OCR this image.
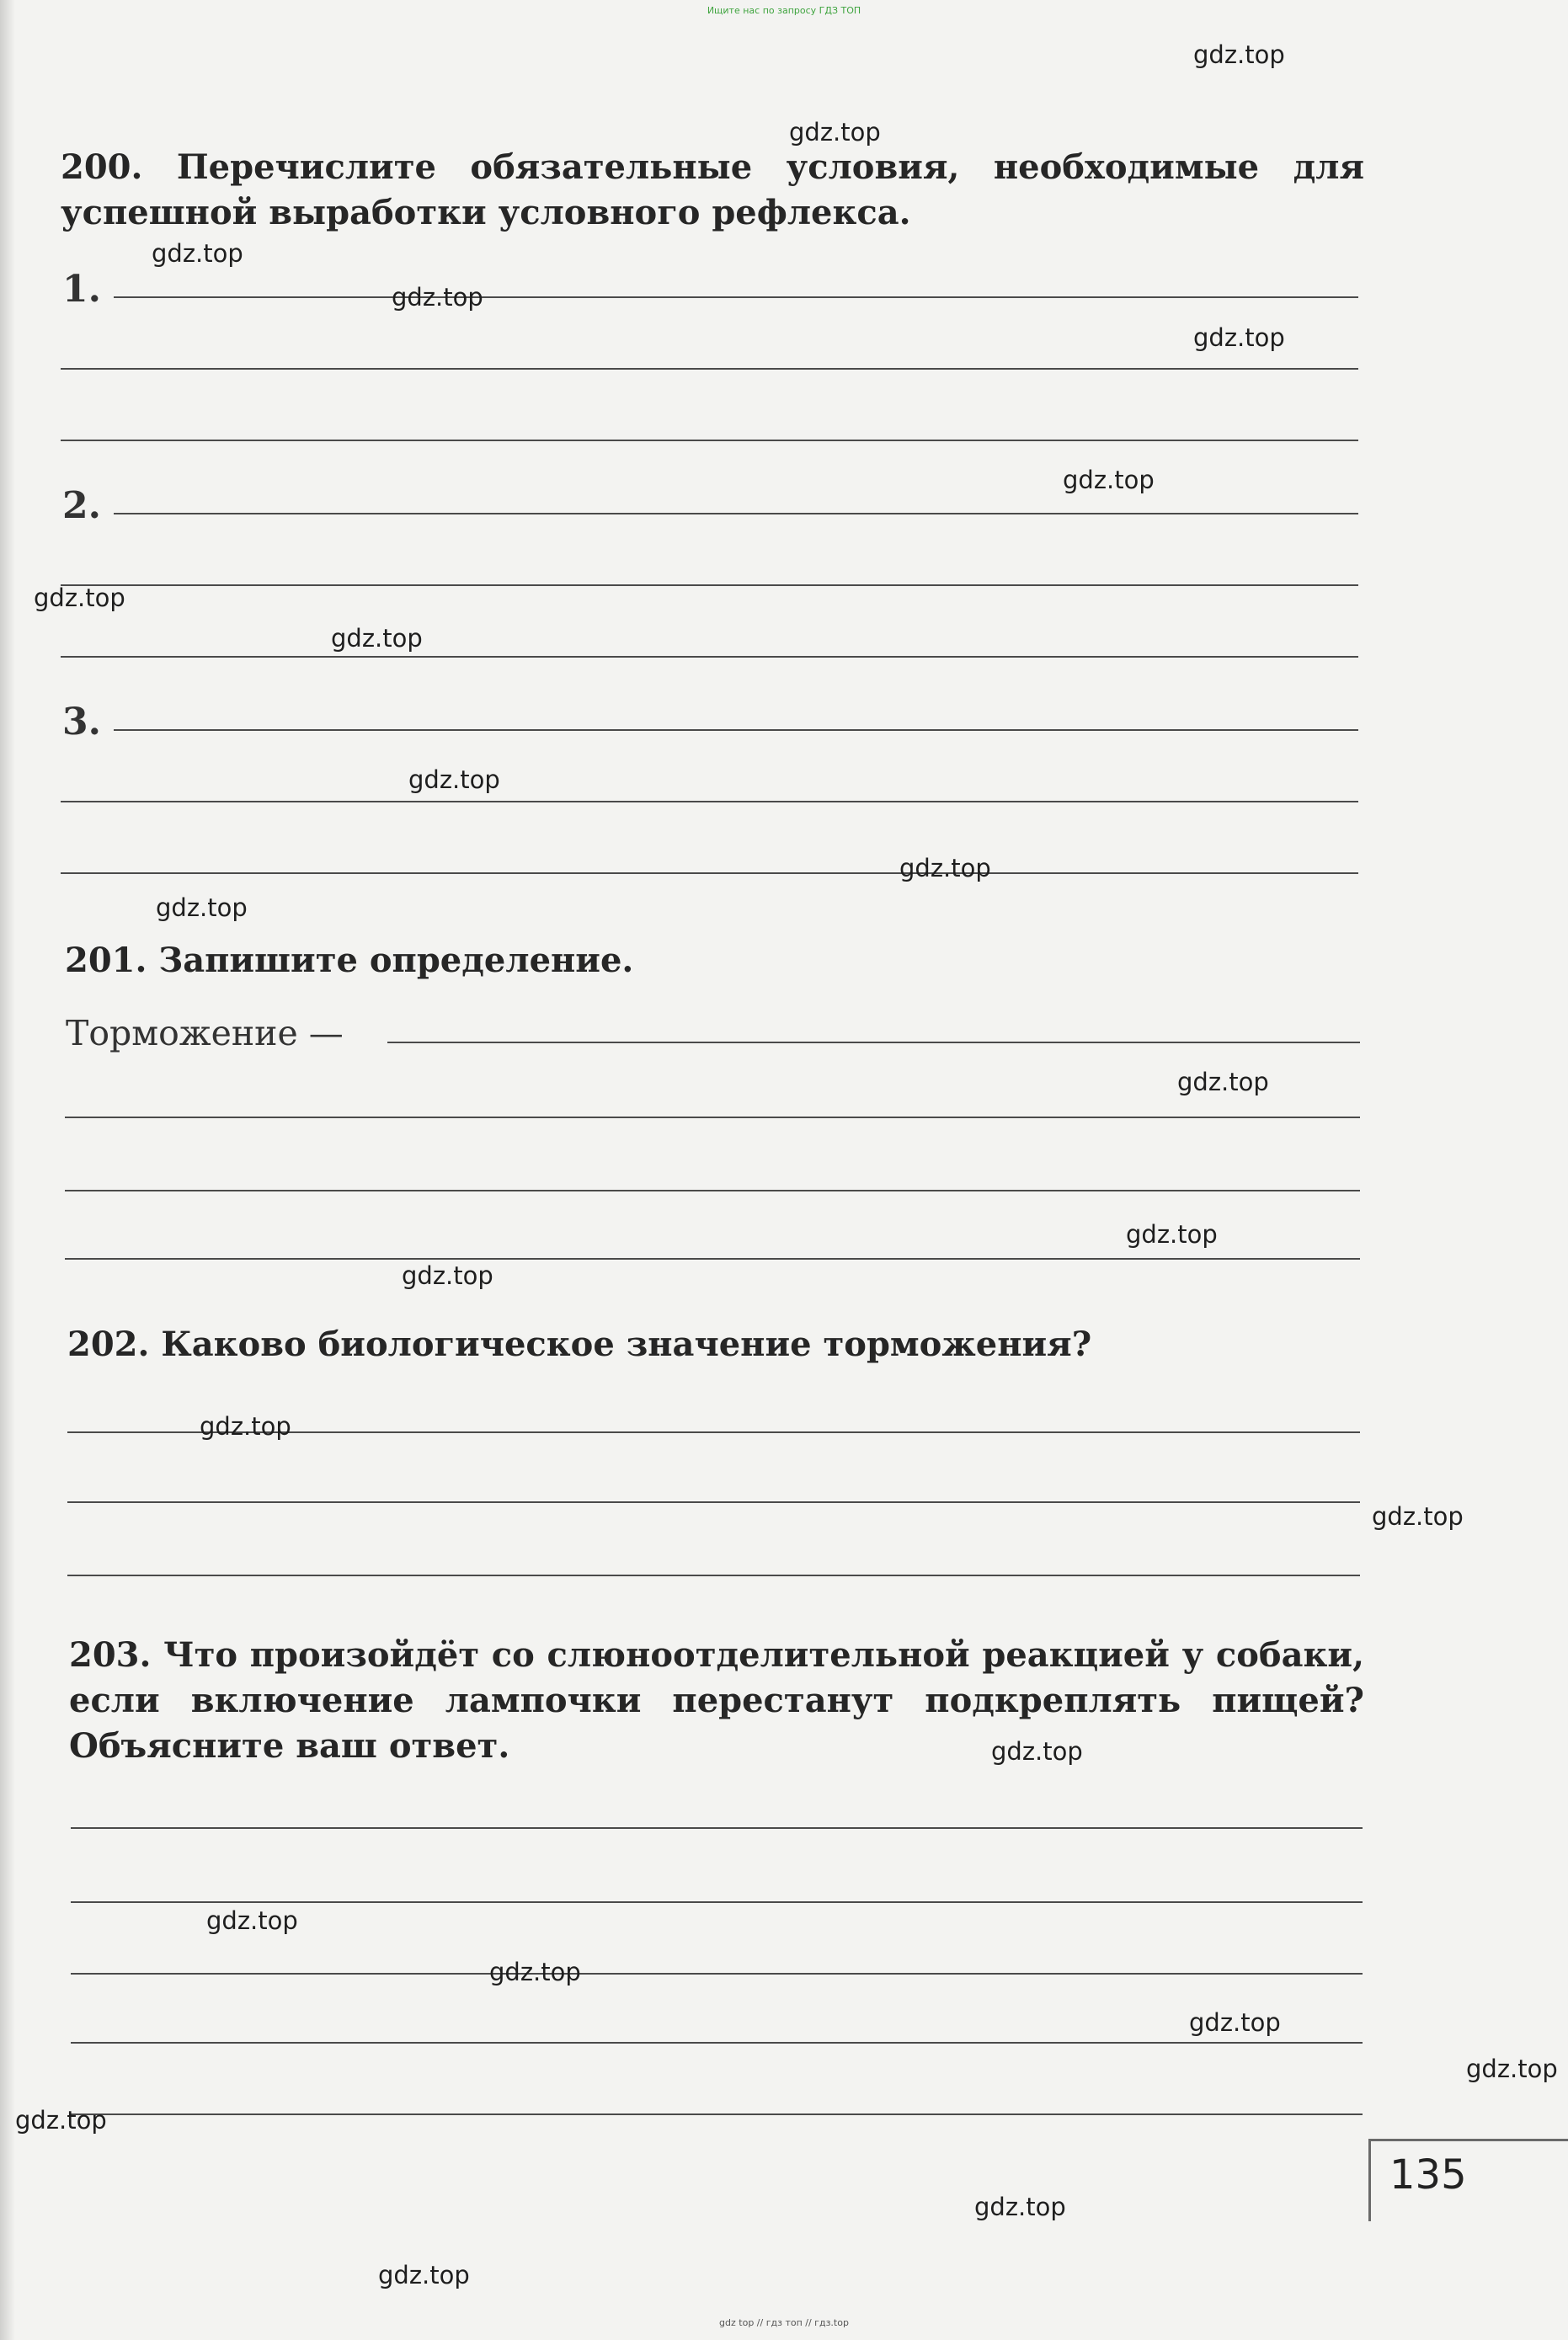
Ищите нас по запросу ГДЗ ТОП

200. Перечислите обязательные условия, необходимые для успешной выработки условного рефлекса.

1.
2.
3.

201. Запишите определение.

Торможение —

202. Каково биологическое значение торможения?

203. Что произойдёт со слюноотделительной реакцией у собаки, если включение лампочки перестанут подкреплять пищей? Объясните ваш ответ.

135
gdz.top
gdz.top
gdz.top
gdz.top
gdz.top
gdz.top
gdz.top
gdz.top
gdz.top
gdz.top
gdz.top
gdz.top
gdz.top
gdz.top
gdz.top
gdz.top
gdz.top
gdz.top
gdz.top
gdz.top
gdz.top
gdz.top
gdz.top
gdz.top
gdz top // гдз топ // гдз.top
